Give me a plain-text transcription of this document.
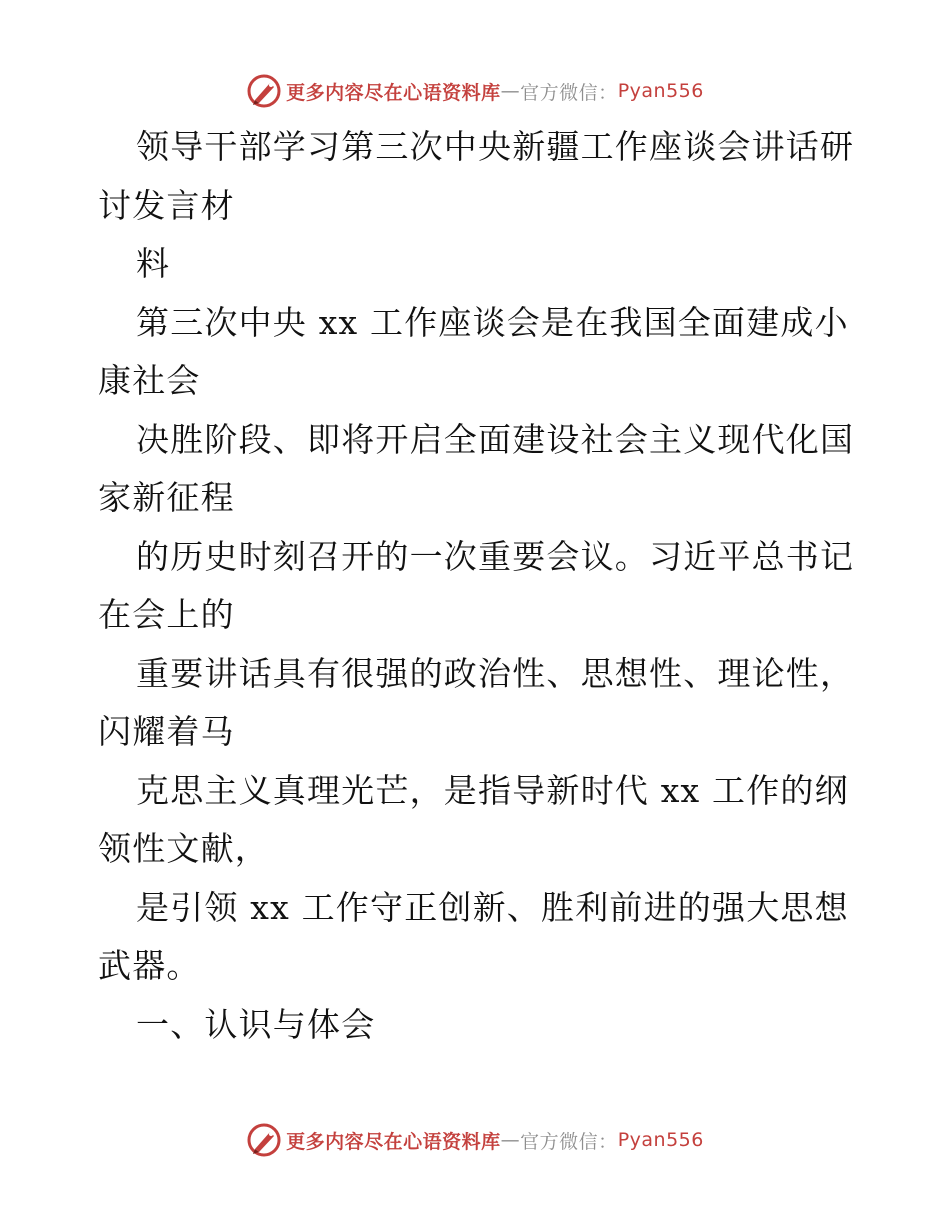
更多内容尽在心语资料库 — 官方微信： Pyan556
领导干部学习第三次中央新疆工作座谈会讲话研
讨发言材
料
第三次中央 xx 工作座谈会是在我国全面建成小
康社会
决胜阶段、即将开启全面建设社会主义现代化国
家新征程
的历史时刻召开的一次重要会议。习近平总书记
在会上的
重要讲话具有很强的政治性、思想性、理论性，
闪耀着马
克思主义真理光芒，是指导新时代 xx 工作的纲
领性文献，
是引领 xx 工作守正创新、胜利前进的强大思想
武器。
一、认识与体会
更多内容尽在心语资料库 — 官方微信： Pyan556
